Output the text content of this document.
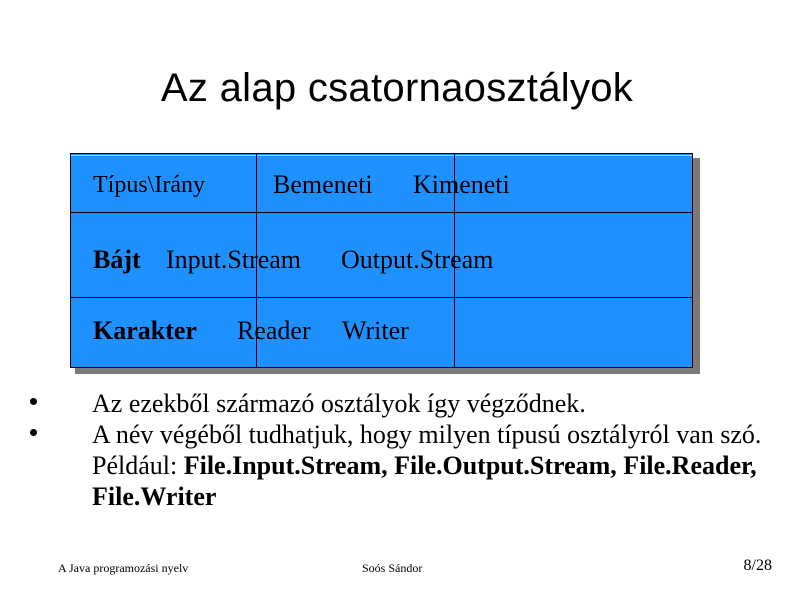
Az alap csatornaosztályok
Típus\Irány	Bemeneti Kimeneti
Bájt Input.Stream Output.Stream
Karakter Reader Writer
Az ezekből származó osztályok így végződnek.
A név végéből tudhatjuk, hogy milyen típusú osztályról van szó. Például: File.Input.Stream, File.Output.Stream, File.Reader, File.Writer
A Java programozási nyelv	Soós Sándor	8/28
